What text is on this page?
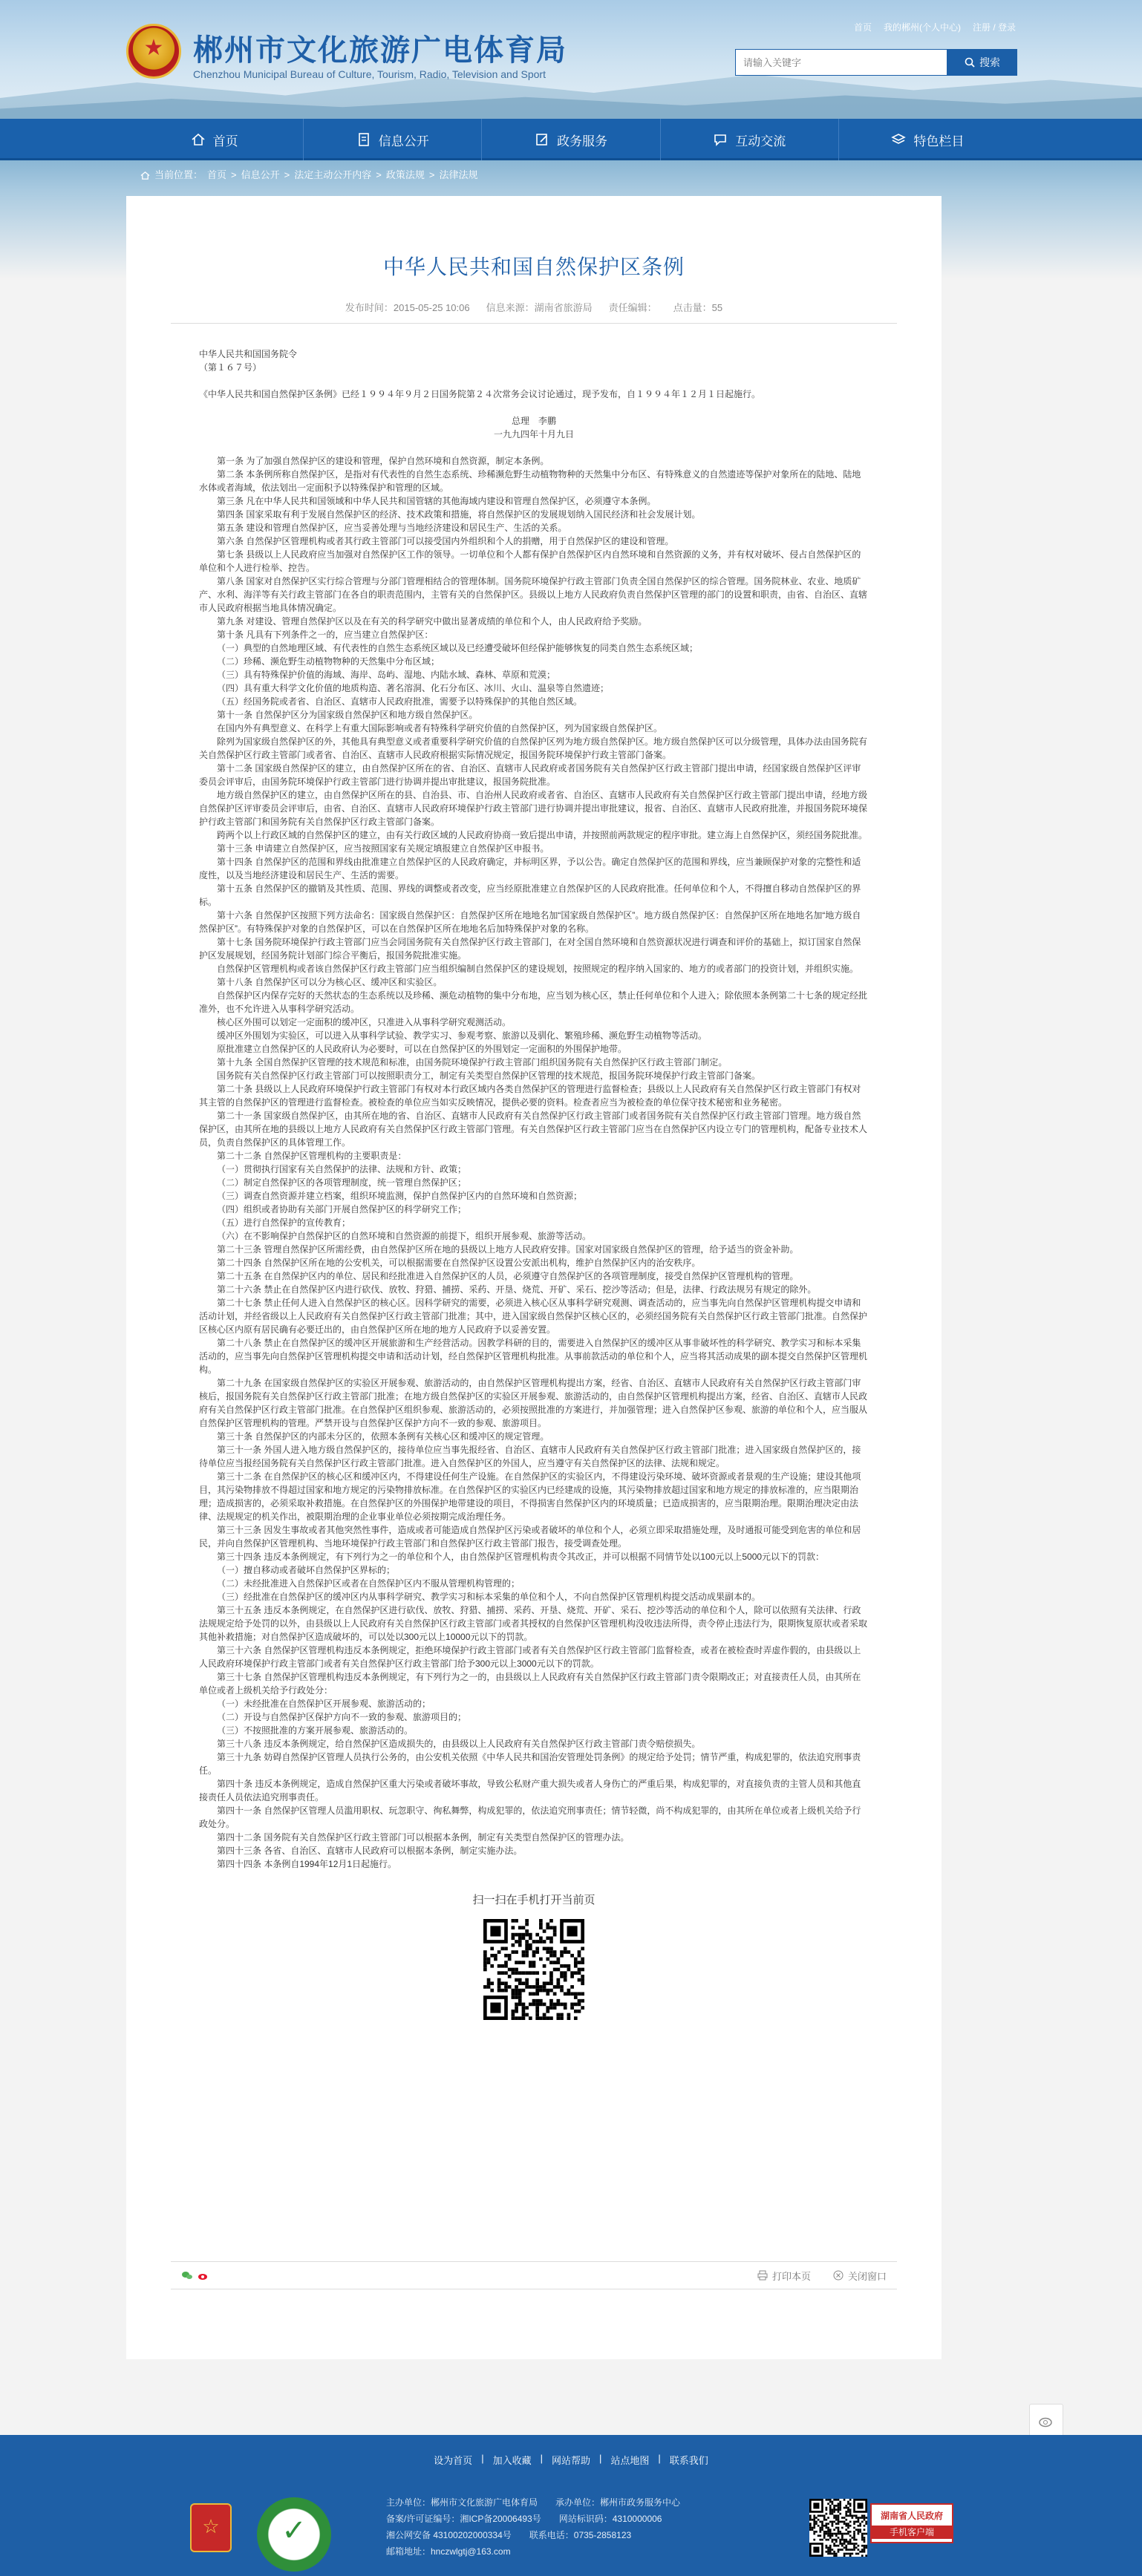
★
郴州市文化旅游广电体育局
Chenzhou Municipal Bureau of Culture, Tourism, Radio, Television and Sport
首页 我的郴州(个人中心) 注册 / 登录
请输入关键字
搜索
首页	信息公开	政务服务	互动交流	特色栏目
当前位置： 首页 > 信息公开 > 法定主动公开内容 > 政策法规 > 法律法规
中华人民共和国自然保护区条例
发布时间：2015-05-25 10:06 信息来源：湖南省旅游局 责任编辑： 点击量：55

中华人民共和国国务院令

（第１６７号）

《中华人民共和国自然保护区条例》已经１９９４年９月２日国务院第２４次常务会议讨论通过，现予发布，自１９９４年１２月１日起施行。

总理　李鹏

一九九四年十月九日

第一条 为了加强自然保护区的建设和管理，保护自然环境和自然资源，制定本条例。

第二条 本条例所称自然保护区，是指对有代表性的自然生态系统、珍稀濒危野生动植物物种的天然集中分布区、有特殊意义的自然遗迹等保护对象所在的陆地、陆地水体或者海域，依法划出一定面积予以特殊保护和管理的区域。

第三条 凡在中华人民共和国领域和中华人民共和国管辖的其他海域内建设和管理自然保护区，必须遵守本条例。

第四条 国家采取有利于发展自然保护区的经济、技术政策和措施，将自然保护区的发展规划纳入国民经济和社会发展计划。

第五条 建设和管理自然保护区，应当妥善处理与当地经济建设和居民生产、生活的关系。

第六条 自然保护区管理机构或者其行政主管部门可以接受国内外组织和个人的捐赠，用于自然保护区的建设和管理。

第七条 县级以上人民政府应当加强对自然保护区工作的领导。一切单位和个人都有保护自然保护区内自然环境和自然资源的义务，并有权对破坏、侵占自然保护区的单位和个人进行检举、控告。

第八条 国家对自然保护区实行综合管理与分部门管理相结合的管理体制。国务院环境保护行政主管部门负责全国自然保护区的综合管理。国务院林业、农业、地质矿产、水利、海洋等有关行政主管部门在各自的职责范围内，主管有关的自然保护区。县级以上地方人民政府负责自然保护区管理的部门的设置和职责，由省、自治区、直辖市人民政府根据当地具体情况确定。

第九条 对建设、管理自然保护区以及在有关的科学研究中做出显著成绩的单位和个人，由人民政府给予奖励。

第十条 凡具有下列条件之一的，应当建立自然保护区：

（一）典型的自然地理区域、有代表性的自然生态系统区域以及已经遭受破坏但经保护能够恢复的同类自然生态系统区域；

（二）珍稀、濒危野生动植物物种的天然集中分布区域；

（三）具有特殊保护价值的海域、海岸、岛屿、湿地、内陆水域、森林、草原和荒漠；

（四）具有重大科学文化价值的地质构造、著名溶洞、化石分布区、冰川、火山、温泉等自然遗迹；

（五）经国务院或者省、自治区、直辖市人民政府批准，需要予以特殊保护的其他自然区域。

第十一条 自然保护区分为国家级自然保护区和地方级自然保护区。

在国内外有典型意义、在科学上有重大国际影响或者有特殊科学研究价值的自然保护区，列为国家级自然保护区。

除列为国家级自然保护区的外，其他具有典型意义或者重要科学研究价值的自然保护区列为地方级自然保护区。地方级自然保护区可以分级管理，具体办法由国务院有关自然保护区行政主管部门或者省、自治区、直辖市人民政府根据实际情况规定，报国务院环境保护行政主管部门备案。

第十二条 国家级自然保护区的建立，由自然保护区所在的省、自治区、直辖市人民政府或者国务院有关自然保护区行政主管部门提出申请，经国家级自然保护区评审委员会评审后，由国务院环境保护行政主管部门进行协调并提出审批建议，报国务院批准。

地方级自然保护区的建立，由自然保护区所在的县、自治县、市、自治州人民政府或者省、自治区、直辖市人民政府有关自然保护区行政主管部门提出申请，经地方级自然保护区评审委员会评审后，由省、自治区、直辖市人民政府环境保护行政主管部门进行协调并提出审批建议，报省、自治区、直辖市人民政府批准，并报国务院环境保护行政主管部门和国务院有关自然保护区行政主管部门备案。

跨两个以上行政区域的自然保护区的建立，由有关行政区域的人民政府协商一致后提出申请，并按照前两款规定的程序审批。建立海上自然保护区，须经国务院批准。

第十三条 申请建立自然保护区，应当按照国家有关规定填报建立自然保护区申报书。

第十四条 自然保护区的范围和界线由批准建立自然保护区的人民政府确定，并标明区界，予以公告。确定自然保护区的范围和界线，应当兼顾保护对象的完整性和适度性，以及当地经济建设和居民生产、生活的需要。

第十五条 自然保护区的撤销及其性质、范围、界线的调整或者改变，应当经原批准建立自然保护区的人民政府批准。任何单位和个人，不得擅自移动自然保护区的界标。

第十六条 自然保护区按照下列方法命名：国家级自然保护区：自然保护区所在地地名加“国家级自然保护区”。地方级自然保护区：自然保护区所在地地名加“地方级自然保护区”。有特殊保护对象的自然保护区，可以在自然保护区所在地地名后加特殊保护对象的名称。

第十七条 国务院环境保护行政主管部门应当会同国务院有关自然保护区行政主管部门，在对全国自然环境和自然资源状况进行调查和评价的基础上，拟订国家自然保护区发展规划，经国务院计划部门综合平衡后，报国务院批准实施。

自然保护区管理机构或者该自然保护区行政主管部门应当组织编制自然保护区的建设规划，按照规定的程序纳入国家的、地方的或者部门的投资计划，并组织实施。

第十八条 自然保护区可以分为核心区、缓冲区和实验区。

自然保护区内保存完好的天然状态的生态系统以及珍稀、濒危动植物的集中分布地，应当划为核心区，禁止任何单位和个人进入；除依照本条例第二十七条的规定经批准外，也不允许进入从事科学研究活动。

核心区外围可以划定一定面积的缓冲区，只准进入从事科学研究观测活动。

缓冲区外围划为实验区，可以进入从事科学试验、教学实习、参观考察、旅游以及驯化、繁殖珍稀、濒危野生动植物等活动。

原批准建立自然保护区的人民政府认为必要时，可以在自然保护区的外围划定一定面积的外围保护地带。

第十九条 全国自然保护区管理的技术规范和标准，由国务院环境保护行政主管部门组织国务院有关自然保护区行政主管部门制定。

国务院有关自然保护区行政主管部门可以按照职责分工，制定有关类型自然保护区管理的技术规范，报国务院环境保护行政主管部门备案。

第二十条 县级以上人民政府环境保护行政主管部门有权对本行政区域内各类自然保护区的管理进行监督检查；县级以上人民政府有关自然保护区行政主管部门有权对其主管的自然保护区的管理进行监督检查。被检查的单位应当如实反映情况，提供必要的资料。检查者应当为被检查的单位保守技术秘密和业务秘密。

第二十一条 国家级自然保护区，由其所在地的省、自治区、直辖市人民政府有关自然保护区行政主管部门或者国务院有关自然保护区行政主管部门管理。地方级自然保护区，由其所在地的县级以上地方人民政府有关自然保护区行政主管部门管理。有关自然保护区行政主管部门应当在自然保护区内设立专门的管理机构，配备专业技术人员，负责自然保护区的具体管理工作。

第二十二条 自然保护区管理机构的主要职责是：

（一）贯彻执行国家有关自然保护的法律、法规和方针、政策；

（二）制定自然保护区的各项管理制度，统一管理自然保护区；

（三）调查自然资源并建立档案，组织环境监测，保护自然保护区内的自然环境和自然资源；

（四）组织或者协助有关部门开展自然保护区的科学研究工作；

（五）进行自然保护的宣传教育；

（六）在不影响保护自然保护区的自然环境和自然资源的前提下，组织开展参观、旅游等活动。

第二十三条 管理自然保护区所需经费，由自然保护区所在地的县级以上地方人民政府安排。国家对国家级自然保护区的管理，给予适当的资金补助。

第二十四条 自然保护区所在地的公安机关，可以根据需要在自然保护区设置公安派出机构，维护自然保护区内的治安秩序。

第二十五条 在自然保护区内的单位、居民和经批准进入自然保护区的人员，必须遵守自然保护区的各项管理制度，接受自然保护区管理机构的管理。

第二十六条 禁止在自然保护区内进行砍伐、放牧、狩猎、捕捞、采药、开垦、烧荒、开矿、采石、挖沙等活动；但是，法律、行政法规另有规定的除外。

第二十七条 禁止任何人进入自然保护区的核心区。因科学研究的需要，必须进入核心区从事科学研究观测、调查活动的，应当事先向自然保护区管理机构提交申请和活动计划，并经省级以上人民政府有关自然保护区行政主管部门批准；其中，进入国家级自然保护区核心区的，必须经国务院有关自然保护区行政主管部门批准。自然保护区核心区内原有居民确有必要迁出的，由自然保护区所在地的地方人民政府予以妥善安置。

第二十八条 禁止在自然保护区的缓冲区开展旅游和生产经营活动。因教学科研的目的，需要进入自然保护区的缓冲区从事非破坏性的科学研究、教学实习和标本采集活动的，应当事先向自然保护区管理机构提交申请和活动计划，经自然保护区管理机构批准。从事前款活动的单位和个人，应当将其活动成果的副本提交自然保护区管理机构。

第二十九条 在国家级自然保护区的实验区开展参观、旅游活动的，由自然保护区管理机构提出方案，经省、自治区、直辖市人民政府有关自然保护区行政主管部门审核后，报国务院有关自然保护区行政主管部门批准；在地方级自然保护区的实验区开展参观、旅游活动的，由自然保护区管理机构提出方案，经省、自治区、直辖市人民政府有关自然保护区行政主管部门批准。在自然保护区组织参观、旅游活动的，必须按照批准的方案进行，并加强管理；进入自然保护区参观、旅游的单位和个人，应当服从自然保护区管理机构的管理。严禁开设与自然保护区保护方向不一致的参观、旅游项目。

第三十条 自然保护区的内部未分区的，依照本条例有关核心区和缓冲区的规定管理。

第三十一条 外国人进入地方级自然保护区的，接待单位应当事先报经省、自治区、直辖市人民政府有关自然保护区行政主管部门批准；进入国家级自然保护区的，接待单位应当报经国务院有关自然保护区行政主管部门批准。进入自然保护区的外国人，应当遵守有关自然保护区的法律、法规和规定。

第三十二条 在自然保护区的核心区和缓冲区内，不得建设任何生产设施。在自然保护区的实验区内，不得建设污染环境、破坏资源或者景观的生产设施；建设其他项目，其污染物排放不得超过国家和地方规定的污染物排放标准。在自然保护区的实验区内已经建成的设施，其污染物排放超过国家和地方规定的排放标准的，应当限期治理；造成损害的，必须采取补救措施。在自然保护区的外围保护地带建设的项目，不得损害自然保护区内的环境质量；已造成损害的，应当限期治理。限期治理决定由法律、法规规定的机关作出，被限期治理的企业事业单位必须按期完成治理任务。

第三十三条 因发生事故或者其他突然性事件，造成或者可能造成自然保护区污染或者破坏的单位和个人，必须立即采取措施处理，及时通报可能受到危害的单位和居民，并向自然保护区管理机构、当地环境保护行政主管部门和自然保护区行政主管部门报告，接受调查处理。

第三十四条 违反本条例规定，有下列行为之一的单位和个人，由自然保护区管理机构责令其改正，并可以根据不同情节处以100元以上5000元以下的罚款：

（一）擅自移动或者破坏自然保护区界标的；

（二）未经批准进入自然保护区或者在自然保护区内不服从管理机构管理的；

（三）经批准在自然保护区的缓冲区内从事科学研究、教学实习和标本采集的单位和个人，不向自然保护区管理机构提交活动成果副本的。

第三十五条 违反本条例规定，在自然保护区进行砍伐、放牧、狩猎、捕捞、采药、开垦、烧荒、开矿、采石、挖沙等活动的单位和个人，除可以依照有关法律、行政法规规定给予处罚的以外，由县级以上人民政府有关自然保护区行政主管部门或者其授权的自然保护区管理机构没收违法所得，责令停止违法行为，限期恢复原状或者采取其他补救措施；对自然保护区造成破坏的，可以处以300元以上10000元以下的罚款。

第三十六条 自然保护区管理机构违反本条例规定，拒绝环境保护行政主管部门或者有关自然保护区行政主管部门监督检查，或者在被检查时弄虚作假的，由县级以上人民政府环境保护行政主管部门或者有关自然保护区行政主管部门给予300元以上3000元以下的罚款。

第三十七条 自然保护区管理机构违反本条例规定，有下列行为之一的，由县级以上人民政府有关自然保护区行政主管部门责令限期改正；对直接责任人员，由其所在单位或者上级机关给予行政处分：

（一）未经批准在自然保护区开展参观、旅游活动的；

（二）开设与自然保护区保护方向不一致的参观、旅游项目的；

（三）不按照批准的方案开展参观、旅游活动的。

第三十八条 违反本条例规定，给自然保护区造成损失的，由县级以上人民政府有关自然保护区行政主管部门责令赔偿损失。

第三十九条 妨碍自然保护区管理人员执行公务的，由公安机关依照《中华人民共和国治安管理处罚条例》的规定给予处罚；情节严重，构成犯罪的，依法追究刑事责任。

第四十条 违反本条例规定，造成自然保护区重大污染或者破坏事故，导致公私财产重大损失或者人身伤亡的严重后果，构成犯罪的，对直接负责的主管人员和其他直接责任人员依法追究刑事责任。

第四十一条 自然保护区管理人员滥用职权、玩忽职守、徇私舞弊，构成犯罪的，依法追究刑事责任；情节轻微，尚不构成犯罪的，由其所在单位或者上级机关给予行政处分。

第四十二条 国务院有关自然保护区行政主管部门可以根据本条例，制定有关类型自然保护区的管理办法。

第四十三条 各省、自治区、直辖市人民政府可以根据本条例，制定实施办法。

第四十四条 本条例自1994年12月1日起施行。

扫一扫在手机打开当前页
打印本页	关闭窗口
设为首页 | 加入收藏 | 网站帮助 | 站点地图 | 联系我们
☆
✓
主办单位：郴州市文化旅游广电体育局　　承办单位：郴州市政务服务中心
备案/许可证编号：湘ICP备20006493号　　网站标识码：4310000006
湘公网安备 43100202000334号　　联系电话：0735-2858123
邮箱地址：hnczwlgtj@163.com
湖南省人民政府
手机客户端
